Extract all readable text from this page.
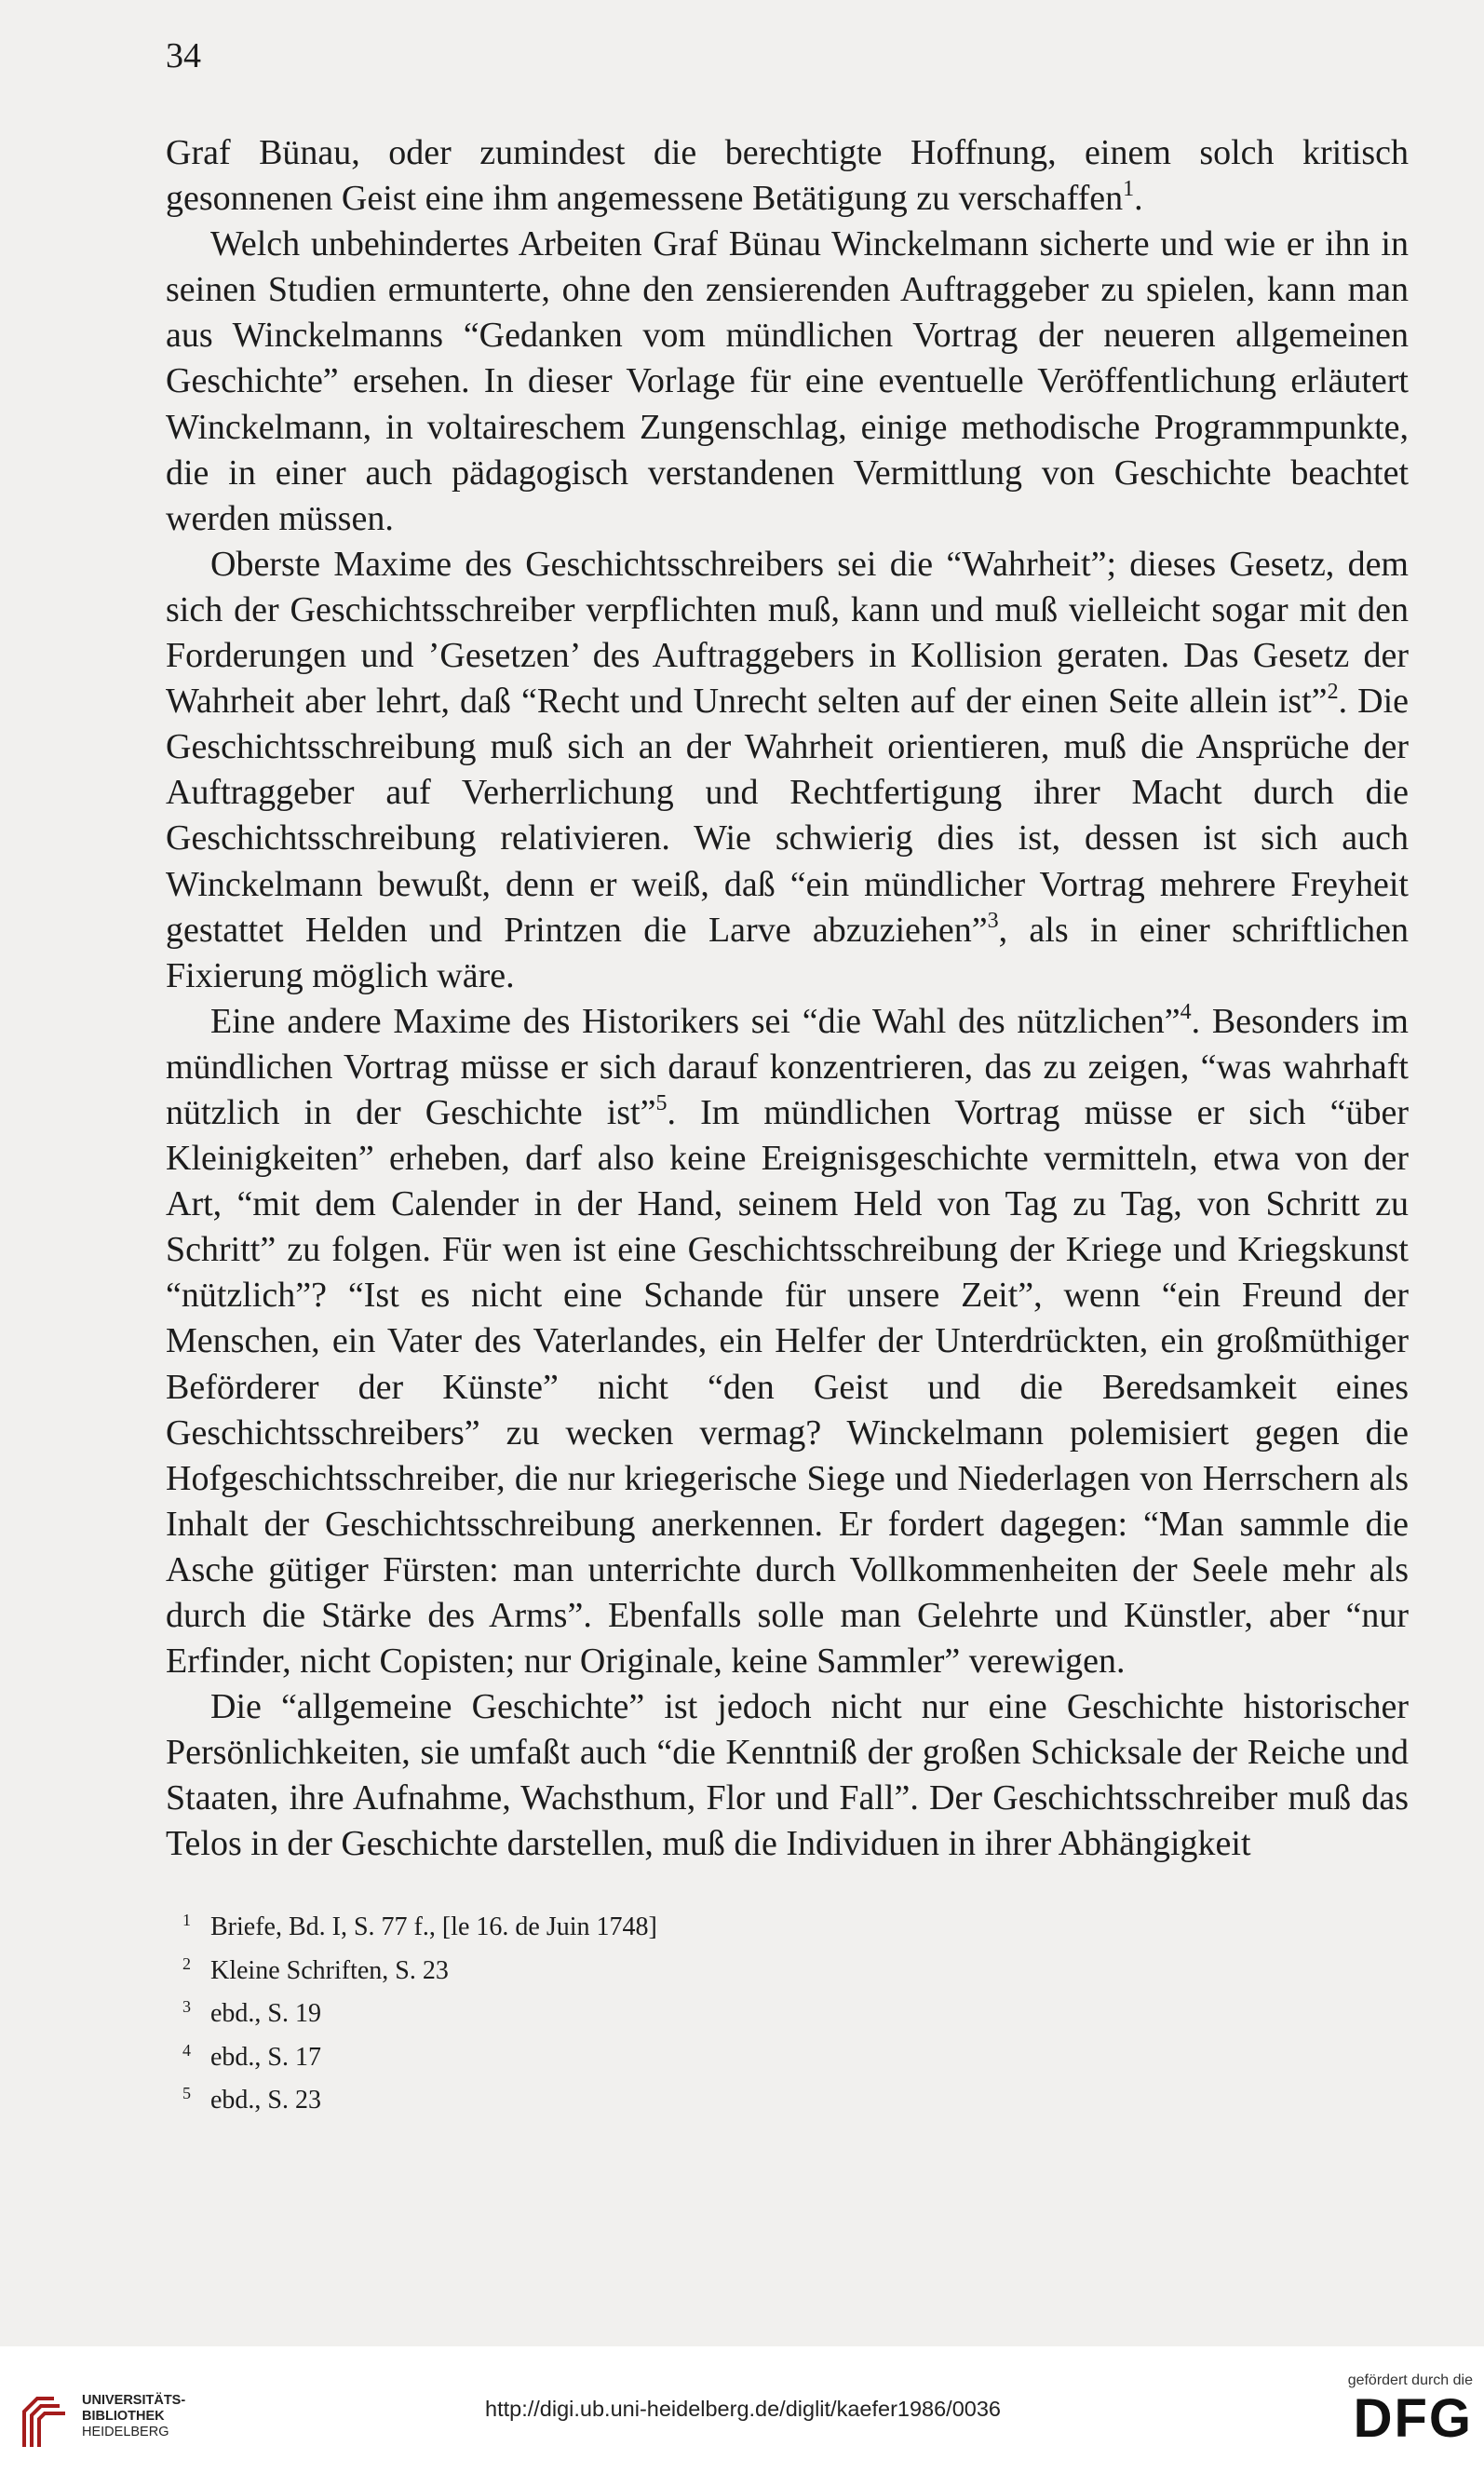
34

Graf Bünau, oder zumindest die berechtigte Hoffnung, einem solch kritisch gesonnenen Geist eine ihm angemessene Betätigung zu verschaffen$^1$.

Welch unbehindertes Arbeiten Graf Bünau Winckelmann sicherte und wie er ihn in seinen Studien ermunterte, ohne den zensierenden Auftraggeber zu spielen, kann man aus Winckelmanns “Gedanken vom mündlichen Vortrag der neueren allgemeinen Geschichte” ersehen. In dieser Vorlage für eine eventuelle Veröffentlichung erläutert Winckelmann, in voltaireschem Zungenschlag, einige methodische Programmpunkte, die in einer auch pädagogisch verstandenen Vermittlung von Geschichte beachtet werden müssen.

Oberste Maxime des Geschichtsschreibers sei die “Wahrheit”; dieses Gesetz, dem sich der Geschichtsschreiber verpflichten muß, kann und muß vielleicht sogar mit den Forderungen und ’Gesetzen’ des Auftraggebers in Kollision geraten. Das Gesetz der Wahrheit aber lehrt, daß “Recht und Unrecht selten auf der einen Seite allein ist”$^2$. Die Geschichtsschreibung muß sich an der Wahrheit orientieren, muß die Ansprüche der Auftraggeber auf Verherrlichung und Rechtfertigung ihrer Macht durch die Geschichtsschreibung relativieren. Wie schwierig dies ist, dessen ist sich auch Winckelmann bewußt, denn er weiß, daß “ein mündlicher Vortrag mehrere Freyheit gestattet Helden und Printzen die Larve abzuziehen”$^3$, als in einer schriftlichen Fixierung möglich wäre.

Eine andere Maxime des Historikers sei “die Wahl des nützlichen”$^4$. Besonders im mündlichen Vortrag müsse er sich darauf konzentrieren, das zu zeigen, “was wahrhaft nützlich in der Geschichte ist”$^5$. Im mündlichen Vortrag müsse er sich “über Kleinigkeiten” erheben, darf also keine Ereignisgeschichte vermitteln, etwa von der Art, “mit dem Calender in der Hand, seinem Held von Tag zu Tag, von Schritt zu Schritt” zu folgen. Für wen ist eine Geschichtsschreibung der Kriege und Kriegskunst “nützlich”? “Ist es nicht eine Schande für unsere Zeit”, wenn “ein Freund der Menschen, ein Vater des Vaterlandes, ein Helfer der Unterdrückten, ein großmüthiger Beförderer der Künste” nicht “den Geist und die Beredsamkeit eines Geschichtsschreibers” zu wecken vermag? Winckelmann polemisiert gegen die Hofgeschichtsschreiber, die nur kriegerische Siege und Niederlagen von Herrschern als Inhalt der Geschichtsschreibung anerkennen. Er fordert dagegen: “Man sammle die Asche gütiger Fürsten: man unterrichte durch Vollkommenheiten der Seele mehr als durch die Stärke des Arms”. Ebenfalls solle man Gelehrte und Künstler, aber “nur Erfinder, nicht Copisten; nur Originale, keine Sammler” verewigen.

Die “allgemeine Geschichte” ist jedoch nicht nur eine Geschichte historischer Persönlichkeiten, sie umfaßt auch “die Kenntniß der großen Schicksale der Reiche und Staaten, ihre Aufnahme, Wachsthum, Flor und Fall”. Der Geschichtsschreiber muß das Telos in der Geschichte darstellen, muß die Individuen in ihrer Abhängigkeit

1 Briefe, Bd. I, S. 77 f., [le 16. de Juin 1748]
2 Kleine Schriften, S. 23
3 ebd., S. 19
4 ebd., S. 17
5 ebd., S. 23
UNIVERSITÄTS-
BIBLIOTHEK
HEIDELBERG
http://digi.ub.uni-heidelberg.de/diglit/kaefer1986/0036
gefördert durch die
DFG
